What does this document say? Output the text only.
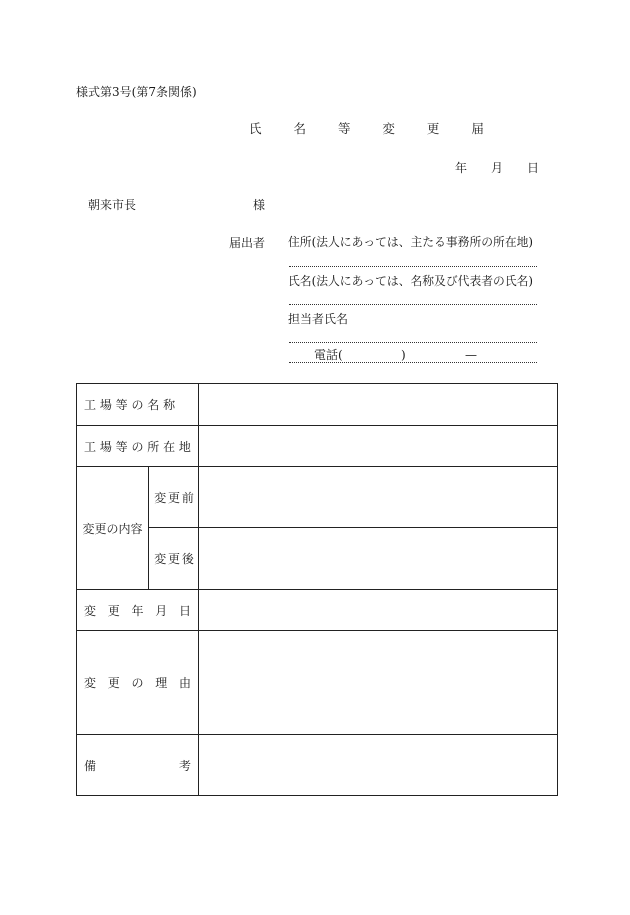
様式第3号(第7条関係)
氏 名 等 変 更 届
年 月 日
朝来市長	様
届出者 住所(法人にあっては、主たる事務所の所在地)
氏名(法人にあっては、名称及び代表者の氏名)
担当者氏名
電話(	)	—
工 場 等 の 名 称		
工 場 等 の 所 在 地		
変更の内容	変 更 前	
	変 更 後	

変 更 年 月 日		

変 更 の 理 由		

備 考		
